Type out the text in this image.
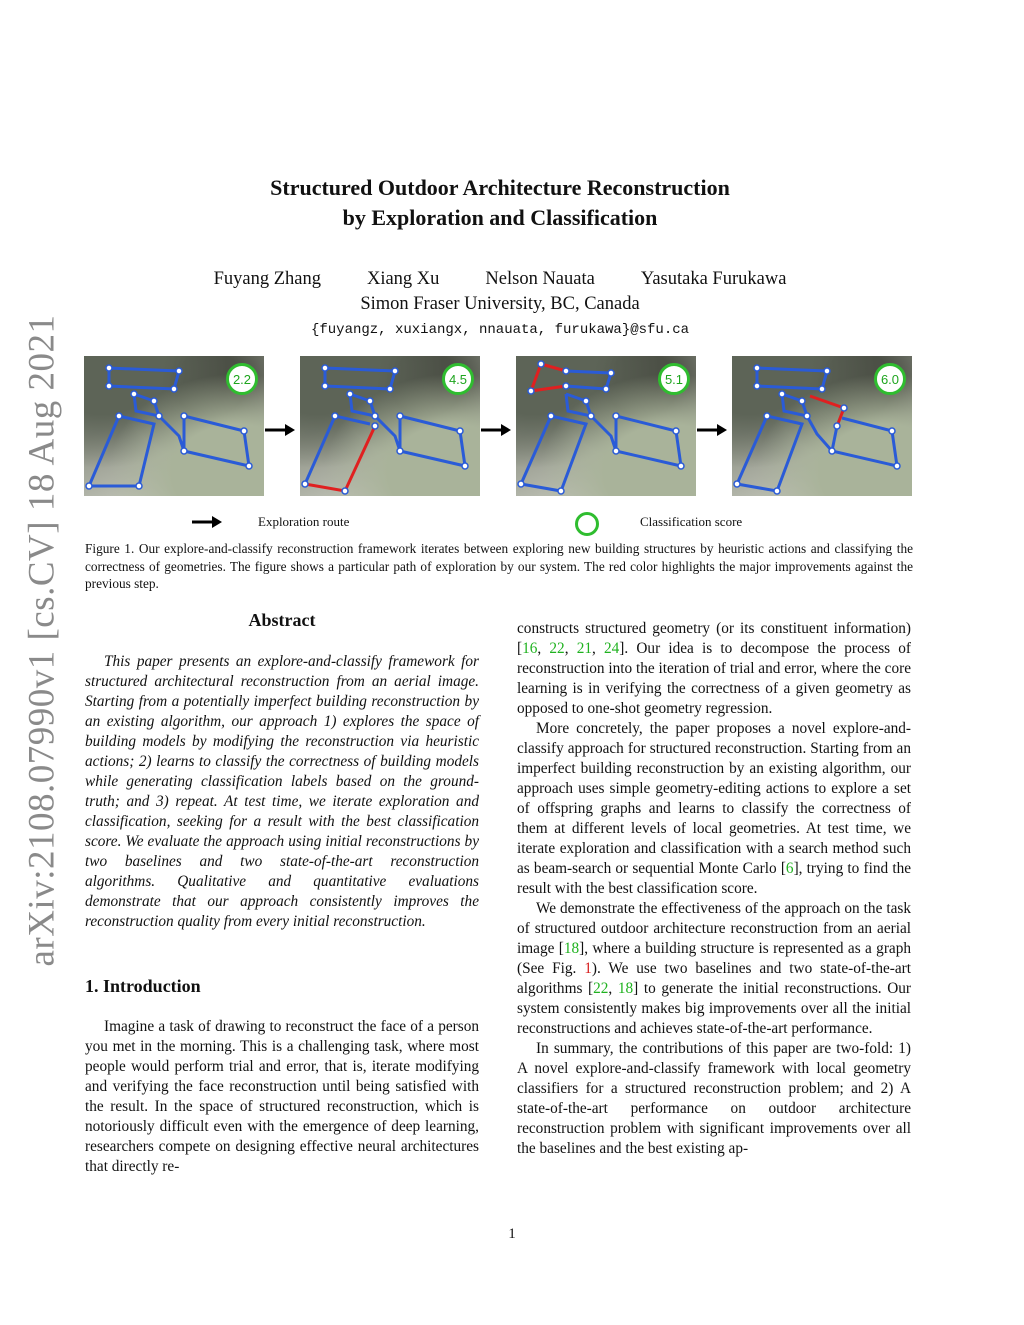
arXiv:2108.07990v1 [cs.CV] 18 Aug 2021
Structured Outdoor Architecture Reconstruction
by Exploration and Classification
Fuyang Zhang Xiang Xu Nelson Nauata Yasutaka Furukawa
Simon Fraser University, BC, Canada
{fuyangz, xuxiangx, nnauata, furukawa}@sfu.ca
2.2	4.5	5.1	6.0
Exploration route	Classification score
Figure 1. Our explore-and-classify reconstruction framework iterates between exploring new building structures by heuristic actions and classifying the correctness of geometries. The figure shows a particular path of exploration by our system. The red color highlights the major improvements against the previous step.
Abstract

This paper presents an explore-and-classify framework for structured architectural reconstruction from an aerial image. Starting from a potentially imperfect building reconstruction by an existing algorithm, our approach 1) explores the space of building models by modifying the reconstruction via heuristic actions; 2) learns to classify the correctness of building models while generating classification labels based on the ground-truth; and 3) repeat. At test time, we iterate exploration and classification, seeking for a result with the best classification score. We evaluate the approach using initial reconstructions by two baselines and two state-of-the-art reconstruction algorithms. Qualitative and quantitative evaluations demonstrate that our approach consistently improves the reconstruction quality from every initial reconstruction.

1. Introduction

Imagine a task of drawing to reconstruct the face of a person you met in the morning. This is a challenging task, where most people would perform trial and error, that is, iterate modifying and verifying the face reconstruction until being satisfied with the result. In the space of structured reconstruction, which is notoriously difficult even with the emergence of deep learning, researchers compete on designing effective neural architectures that directly re-

constructs structured geometry (or its constituent information) [16, 22, 21, 24]. Our idea is to decompose the process of reconstruction into the iteration of trial and error, where the core learning is in verifying the correctness of a given geometry as opposed to one-shot geometry regression.

More concretely, the paper proposes a novel explore-and-classify approach for structured reconstruction. Starting from an imperfect building reconstruction by an existing algorithm, our approach uses simple geometry-editing actions to explore a set of offspring graphs and learns to classify the correctness of them at different levels of local geometries. At test time, we iterate exploration and classification with a search method such as beam-search or sequential Monte Carlo [6], trying to find the result with the best classification score.

We demonstrate the effectiveness of the approach on the task of structured outdoor architecture reconstruction from an aerial image [18], where a building structure is represented as a graph (See Fig. 1). We use two baselines and two state-of-the-art algorithms [22, 18] to generate the initial reconstructions. Our system consistently makes big improvements over all the initial reconstructions and achieves state-of-the-art performance.

In summary, the contributions of this paper are two-fold: 1) A novel explore-and-classify framework with local geometry classifiers for a structured reconstruction problem; and 2) A state-of-the-art performance on outdoor architecture reconstruction problem with significant improvements over all the baselines and the best existing ap-

1
